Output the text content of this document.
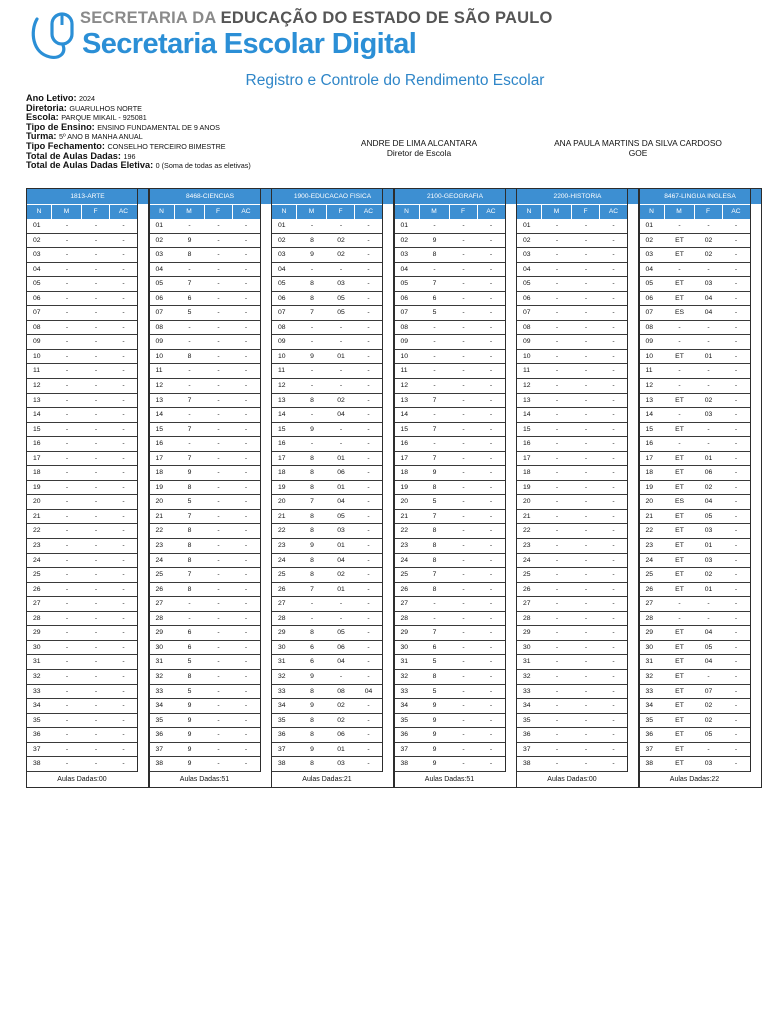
SECRETARIA DA EDUCAÇÃO DO ESTADO DE SÃO PAULO
Secretaria Escolar Digital
Registro e Controle do Rendimento Escolar
Ano Letivo: 2024
Diretoria: GUARULHOS NORTE
Escola: PARQUE MIKAIL - 925081
Tipo de Ensino: ENSINO FUNDAMENTAL DE 9 ANOS
Turma: 5º ANO B MANHA ANUAL
Tipo Fechamento: CONSELHO TERCEIRO BIMESTRE
Total de Aulas Dadas: 196
Total de Aulas Dadas Eletiva: 0 (Soma de todas as eletivas)
ANDRE DE LIMA ALCANTARA
Diretor de Escola
ANA PAULA MARTINS DA SILVA CARDOSO
GOE
1813-ARTE
N	M	F	AC
01	-	-	-
02	-	-	-
03	-	-	-
04	-	-	-
05	-	-	-
06	-	-	-
07	-	-	-
08	-	-	-
09	-	-	-
10	-	-	-
11	-	-	-
12	-	-	-
13	-	-	-
14	-	-	-
15	-	-	-
16	-	-	-
17	-	-	-
18	-	-	-
19	-	-	-
20	-	-	-
21	-	-	-
22	-	-	-
23	-	-	-
24	-	-	-
25	-	-	-
26	-	-	-
27	-	-	-
28	-	-	-
29	-	-	-
30	-	-	-
31	-	-	-
32	-	-	-
33	-	-	-
34	-	-	-
35	-	-	-
36	-	-	-
37	-	-	-
38	-	-	-
Aulas Dadas:00
8468-CIENCIAS
N	M	F	AC
01	-	-	-
02	9	-	-
03	8	-	-
04	-	-	-
05	7	-	-
06	6	-	-
07	5	-	-
08	-	-	-
09	-	-	-
10	8	-	-
11	-	-	-
12	-	-	-
13	7	-	-
14	-	-	-
15	7	-	-
16	-	-	-
17	7	-	-
18	9	-	-
19	8	-	-
20	5	-	-
21	7	-	-
22	8	-	-
23	8	-	-
24	8	-	-
25	7	-	-
26	8	-	-
27	-	-	-
28	-	-	-
29	6	-	-
30	6	-	-
31	5	-	-
32	8	-	-
33	5	-	-
34	9	-	-
35	9	-	-
36	9	-	-
37	9	-	-
38	9	-	-
Aulas Dadas:51
1900-EDUCACAO FISICA
N	M	F	AC
01	-	-	-
02	8	02	-
03	9	02	-
04	-	-	-
05	8	03	-
06	8	05	-
07	7	05	-
08	-	-	-
09	-	-	-
10	9	01	-
11	-	-	-
12	-	-	-
13	8	02	-
14	-	04	-
15	9	-	-
16	-	-	-
17	8	01	-
18	8	06	-
19	8	01	-
20	7	04	-
21	8	05	-
22	8	03	-
23	9	01	-
24	8	04	-
25	8	02	-
26	7	01	-
27	-	-	-
28	-	-	-
29	8	05	-
30	6	06	-
31	6	04	-
32	9	-	-
33	8	08	04
34	9	02	-
35	8	02	-
36	8	06	-
37	9	01	-
38	8	03	-
Aulas Dadas:21
2100-GEOGRAFIA
N	M	F	AC
01	-	-	-
02	9	-	-
03	8	-	-
04	-	-	-
05	7	-	-
06	6	-	-
07	5	-	-
08	-	-	-
09	-	-	-
10	-	-	-
11	-	-	-
12	-	-	-
13	7	-	-
14	-	-	-
15	7	-	-
16	-	-	-
17	7	-	-
18	9	-	-
19	8	-	-
20	5	-	-
21	7	-	-
22	8	-	-
23	8	-	-
24	8	-	-
25	7	-	-
26	8	-	-
27	-	-	-
28	-	-	-
29	7	-	-
30	6	-	-
31	5	-	-
32	8	-	-
33	5	-	-
34	9	-	-
35	9	-	-
36	9	-	-
37	9	-	-
38	9	-	-
Aulas Dadas:51
2200-HISTORIA
N	M	F	AC
01	-	-	-
02	-	-	-
03	-	-	-
04	-	-	-
05	-	-	-
06	-	-	-
07	-	-	-
08	-	-	-
09	-	-	-
10	-	-	-
11	-	-	-
12	-	-	-
13	-	-	-
14	-	-	-
15	-	-	-
16	-	-	-
17	-	-	-
18	-	-	-
19	-	-	-
20	-	-	-
21	-	-	-
22	-	-	-
23	-	-	-
24	-	-	-
25	-	-	-
26	-	-	-
27	-	-	-
28	-	-	-
29	-	-	-
30	-	-	-
31	-	-	-
32	-	-	-
33	-	-	-
34	-	-	-
35	-	-	-
36	-	-	-
37	-	-	-
38	-	-	-
Aulas Dadas:00
8467-LINGUA INGLESA
N	M	F	AC
01	-	-	-
02	ET	02	-
03	ET	02	-
04	-	-	-
05	ET	03	-
06	ET	04	-
07	ES	04	-
08	-	-	-
09	-	-	-
10	ET	01	-
11	-	-	-
12	-	-	-
13	ET	02	-
14	-	03	-
15	ET	-	-
16	-	-	-
17	ET	01	-
18	ET	06	-
19	ET	02	-
20	ES	04	-
21	ET	05	-
22	ET	03	-
23	ET	01	-
24	ET	03	-
25	ET	02	-
26	ET	01	-
27	-	-	-
28	-	-	-
29	ET	04	-
30	ET	05	-
31	ET	04	-
32	ET	-	-
33	ET	07	-
34	ET	02	-
35	ET	02	-
36	ET	05	-
37	ET	-	-
38	ET	03	-
Aulas Dadas:22
